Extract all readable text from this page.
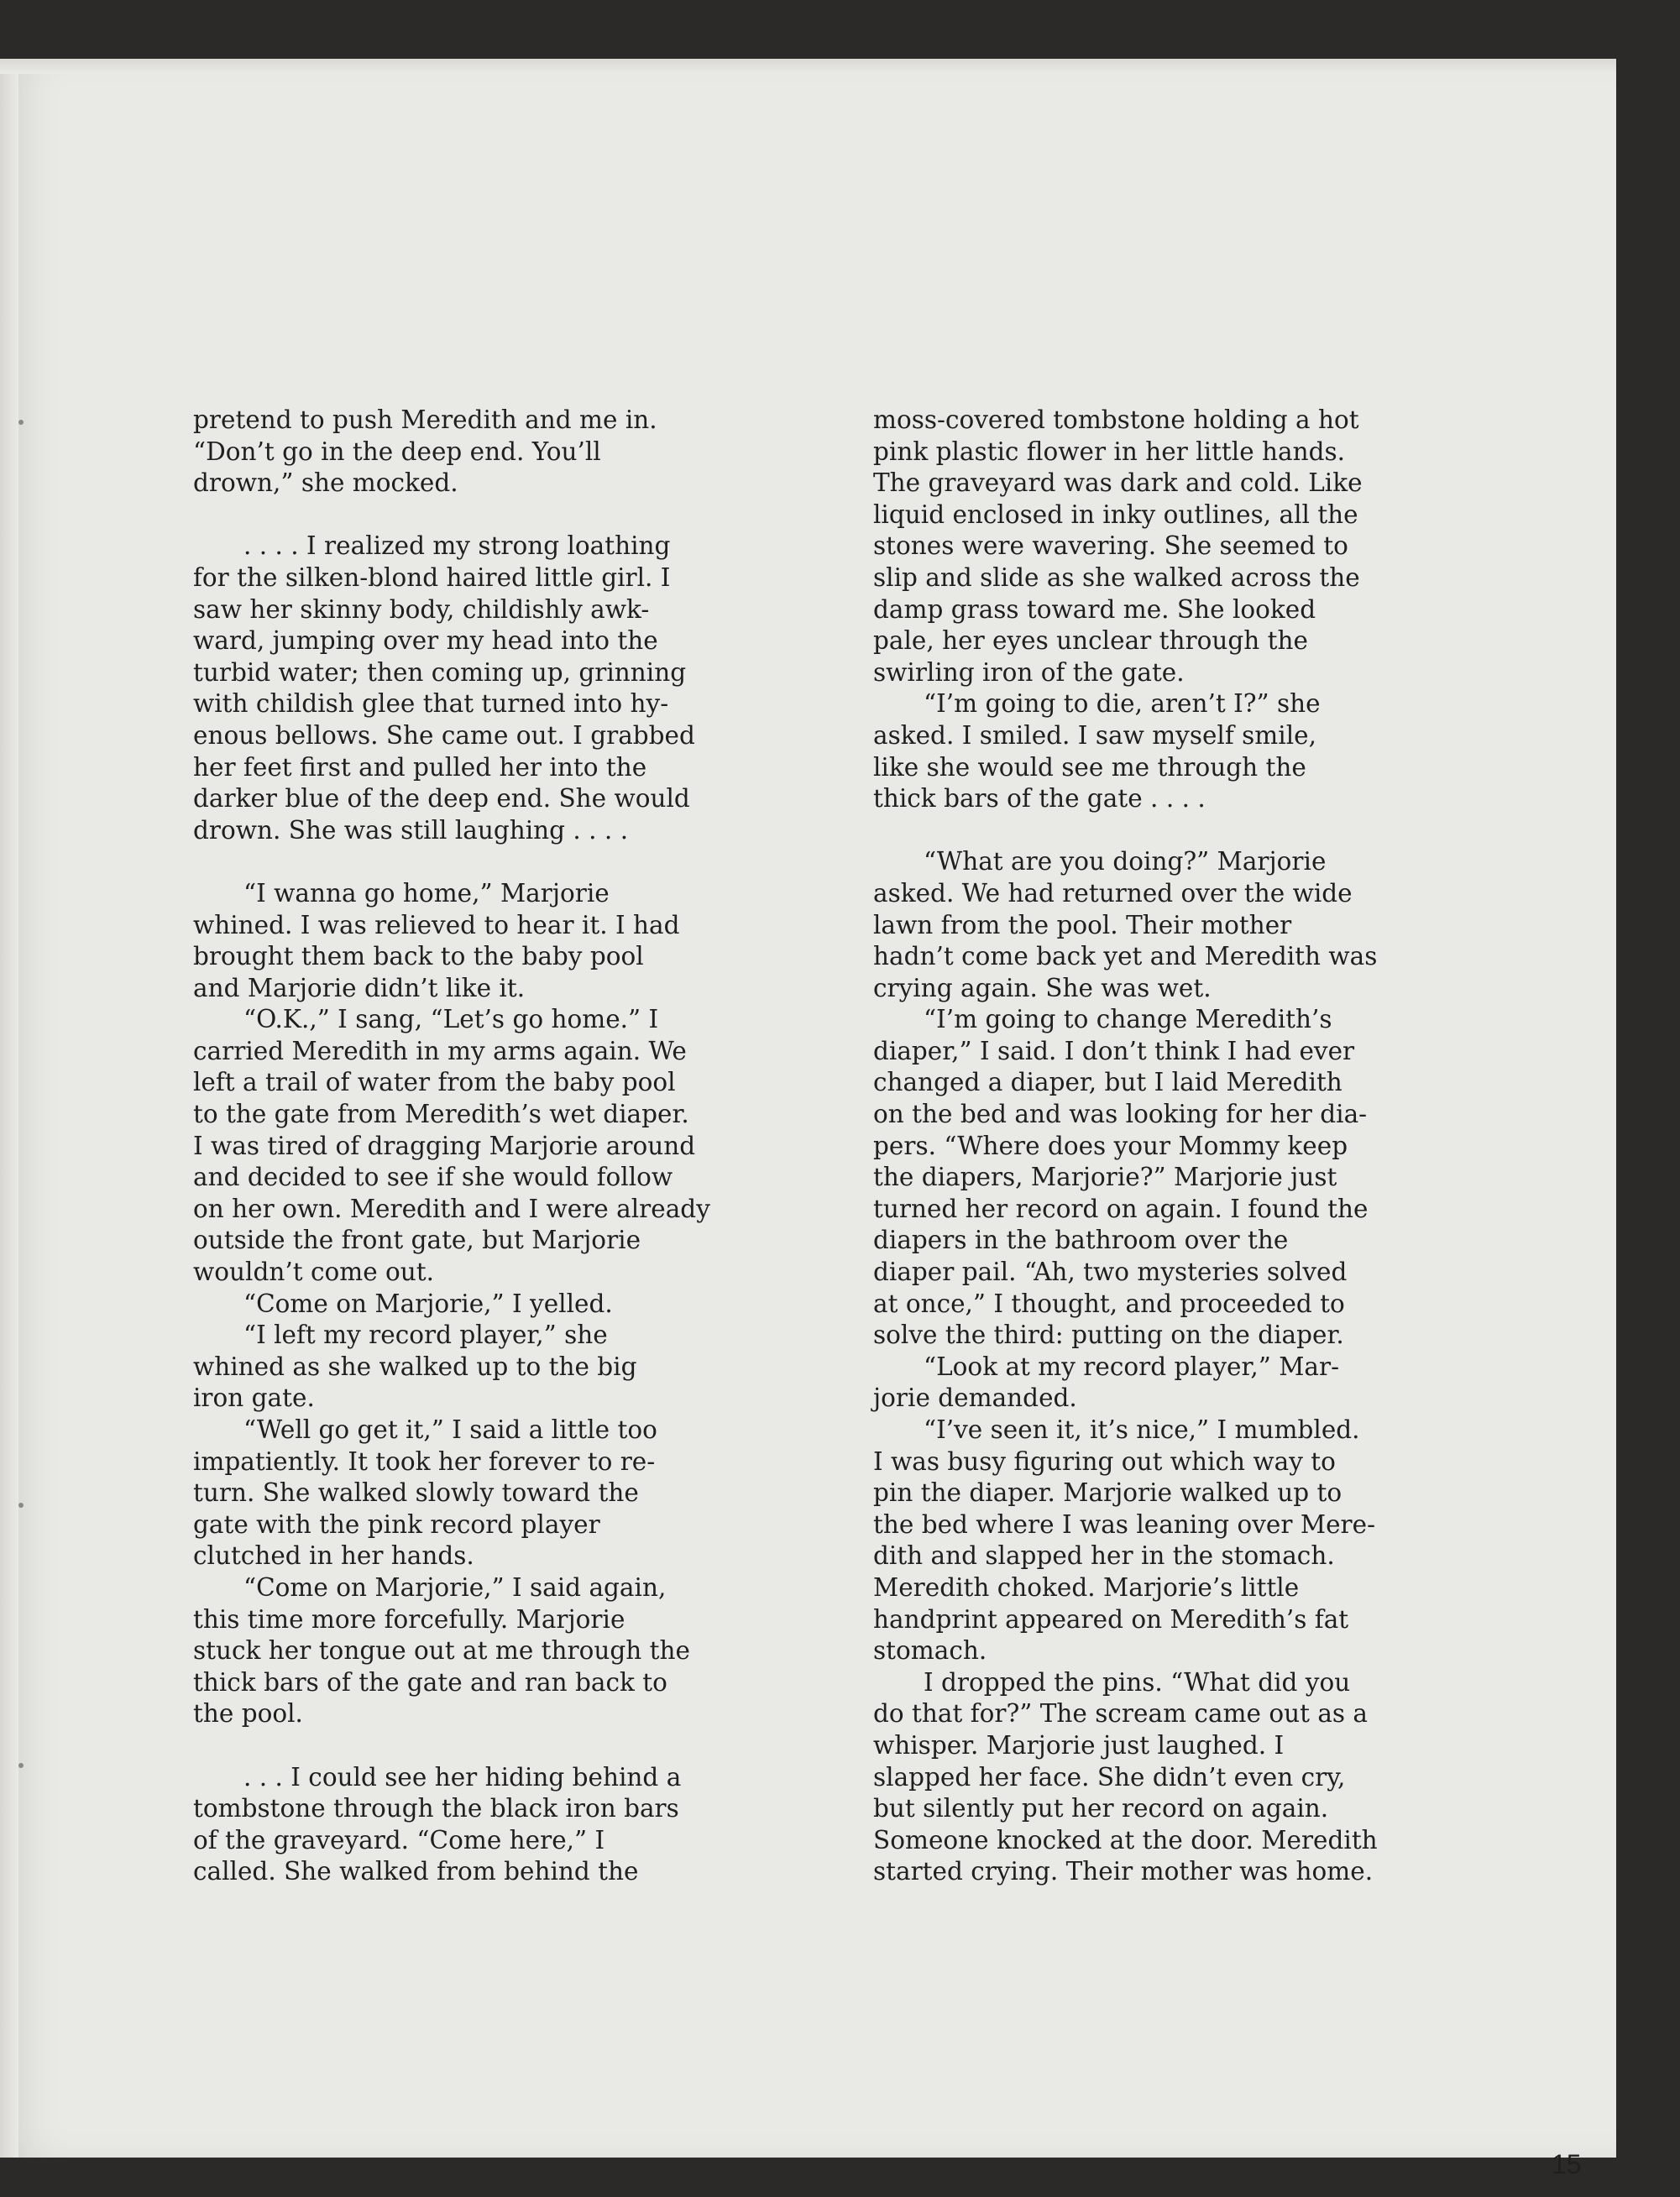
pretend to push Meredith and me in.
“Don’t go in the deep end. You’ll
drown,” she mocked.

. . . . I realized my strong loathing
for the silken-blond haired little girl. I
saw her skinny body, childishly awk-
ward, jumping over my head into the
turbid water; then coming up, grinning
with childish glee that turned into hy-
enous bellows. She came out. I grabbed
her feet first and pulled her into the
darker blue of the deep end. She would
drown. She was still laughing . . . .

“I wanna go home,” Marjorie
whined. I was relieved to hear it. I had
brought them back to the baby pool
and Marjorie didn’t like it.

“O.K.,” I sang, “Let’s go home.” I
carried Meredith in my arms again. We
left a trail of water from the baby pool
to the gate from Meredith’s wet diaper.
I was tired of dragging Marjorie around
and decided to see if she would follow
on her own. Meredith and I were already
outside the front gate, but Marjorie
wouldn’t come out.

“Come on Marjorie,” I yelled.

“I left my record player,” she
whined as she walked up to the big
iron gate.

“Well go get it,” I said a little too
impatiently. It took her forever to re-
turn. She walked slowly toward the
gate with the pink record player
clutched in her hands.

“Come on Marjorie,” I said again,
this time more forcefully. Marjorie
stuck her tongue out at me through the
thick bars of the gate and ran back to
the pool.

. . . I could see her hiding behind a
tombstone through the black iron bars
of the graveyard. “Come here,” I
called. She walked from behind the

moss-covered tombstone holding a hot
pink plastic flower in her little hands.
The graveyard was dark and cold. Like
liquid enclosed in inky outlines, all the
stones were wavering. She seemed to
slip and slide as she walked across the
damp grass toward me. She looked
pale, her eyes unclear through the
swirling iron of the gate.

“I’m going to die, aren’t I?” she
asked. I smiled. I saw myself smile,
like she would see me through the
thick bars of the gate . . . .

“What are you doing?” Marjorie
asked. We had returned over the wide
lawn from the pool. Their mother
hadn’t come back yet and Meredith was
crying again. She was wet.

“I’m going to change Meredith’s
diaper,” I said. I don’t think I had ever
changed a diaper, but I laid Meredith
on the bed and was looking for her dia-
pers. “Where does your Mommy keep
the diapers, Marjorie?” Marjorie just
turned her record on again. I found the
diapers in the bathroom over the
diaper pail. “Ah, two mysteries solved
at once,” I thought, and proceeded to
solve the third: putting on the diaper.

“Look at my record player,” Mar-
jorie demanded.

“I’ve seen it, it’s nice,” I mumbled.
I was busy figuring out which way to
pin the diaper. Marjorie walked up to
the bed where I was leaning over Mere-
dith and slapped her in the stomach.
Meredith choked. Marjorie’s little
handprint appeared on Meredith’s fat
stomach.

I dropped the pins. “What did you
do that for?” The scream came out as a
whisper. Marjorie just laughed. I
slapped her face. She didn’t even cry,
but silently put her record on again.
Someone knocked at the door. Meredith
started crying. Their mother was home.

15
